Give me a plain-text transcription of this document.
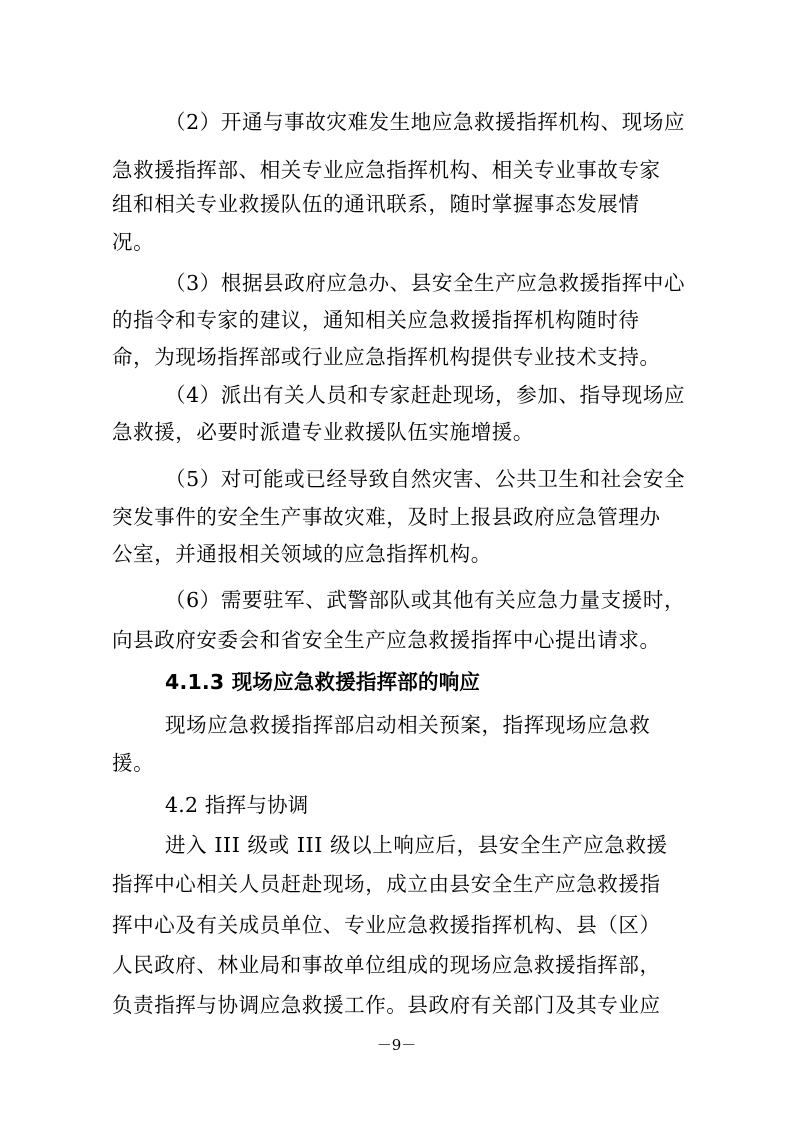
（2）开通与事故灾难发生地应急救援指挥机构、现场应

急救援指挥部、相关专业应急指挥机构、相关专业事故专家

组和相关专业救援队伍的通讯联系，随时掌握事态发展情

况。

（3）根据县政府应急办、县安全生产应急救援指挥中心

的指令和专家的建议，通知相关应急救援指挥机构随时待

命，为现场指挥部或行业应急指挥机构提供专业技术支持。

（4）派出有关人员和专家赶赴现场，参加、指导现场应

急救援，必要时派遣专业救援队伍实施增援。

（5）对可能或已经导致自然灾害、公共卫生和社会安全

突发事件的安全生产事故灾难，及时上报县政府应急管理办

公室，并通报相关领域的应急指挥机构。

（6）需要驻军、武警部队或其他有关应急力量支援时，

向县政府安委会和省安全生产应急救援指挥中心提出请求。

4.1.3 现场应急救援指挥部的响应

现场应急救援指挥部启动相关预案，指挥现场应急救

援。

4.2 指挥与协调

进入 III 级或 III 级以上响应后，县安全生产应急救援

指挥中心相关人员赶赴现场，成立由县安全生产应急救援指

挥中心及有关成员单位、专业应急救援指挥机构、县（区）

人民政府、林业局和事故单位组成的现场应急救援指挥部，

负责指挥与协调应急救援工作。县政府有关部门及其专业应

－9－
